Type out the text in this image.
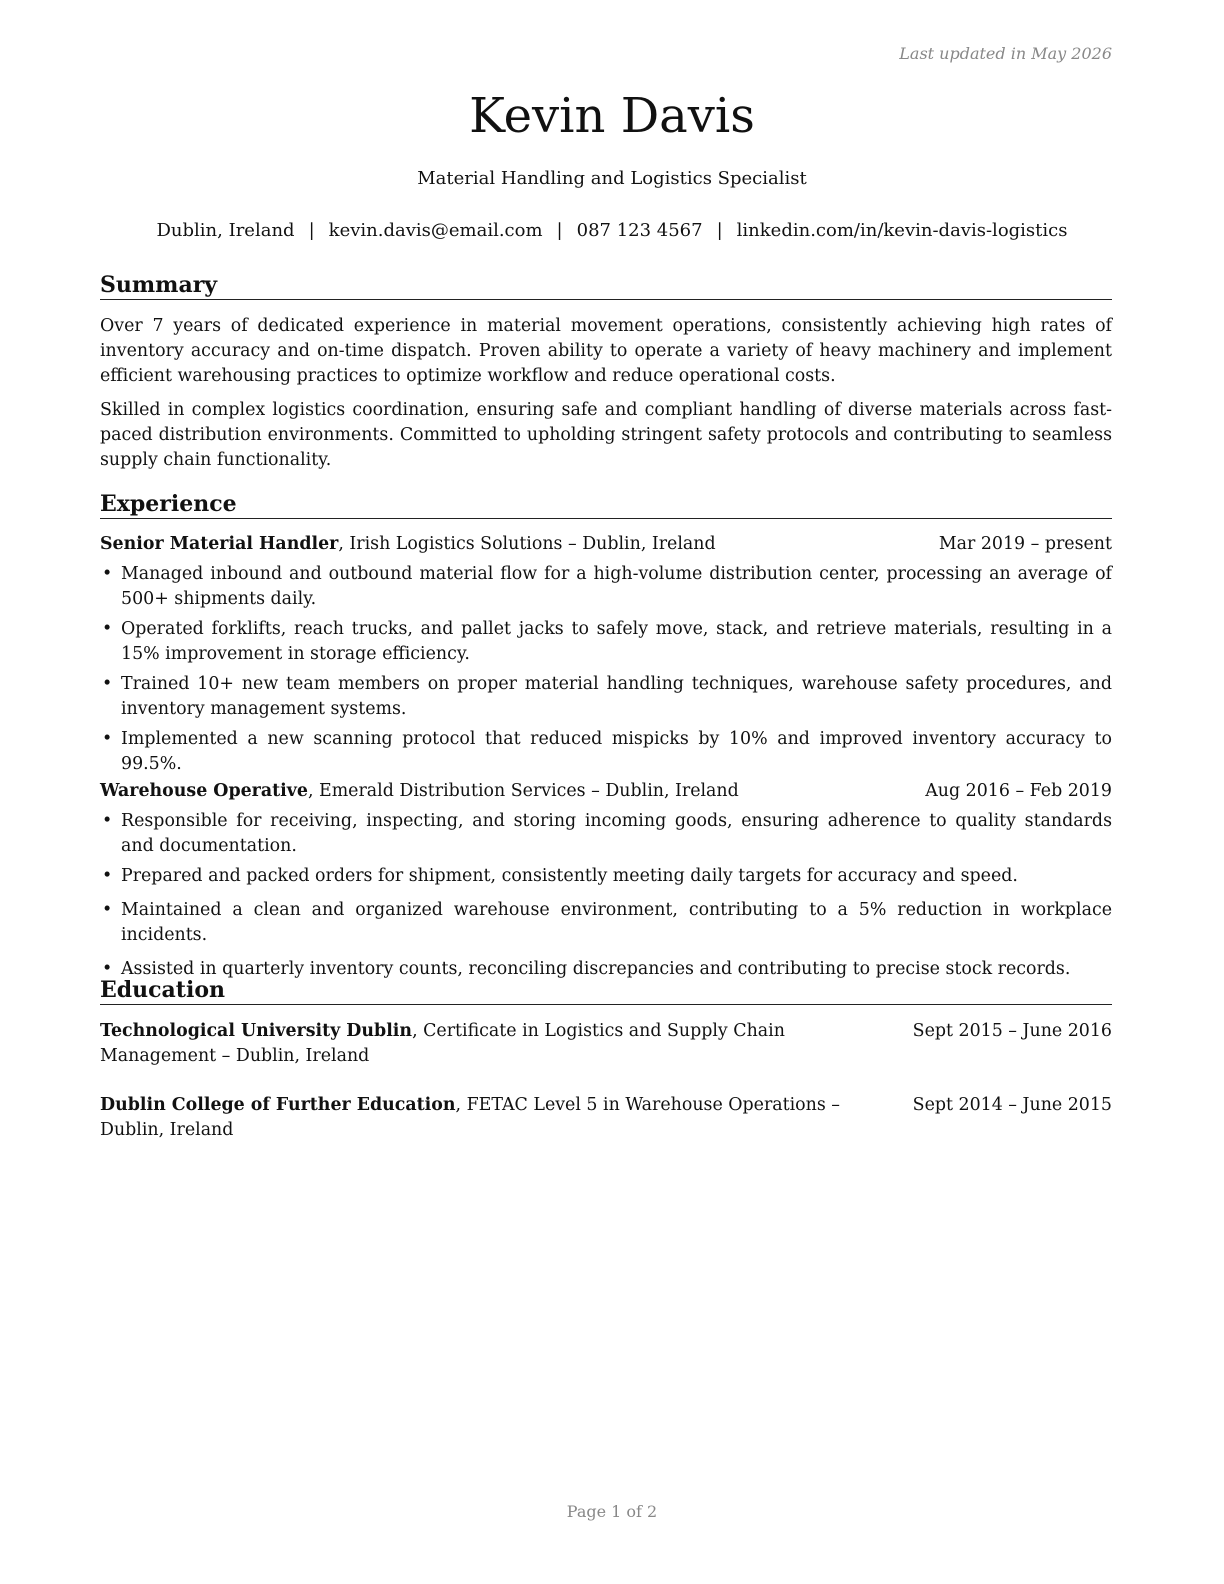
Last updated in May 2026
Kevin Davis
Material Handling and Logistics Specialist
Dublin, Ireland | kevin.davis@email.com | 087 123 4567 | linkedin.com/in/kevin-davis-logistics
Summary

Over 7 years of dedicated experience in material movement operations, consistently achieving high rates of inventory accuracy and on-time dispatch. Proven ability to operate a variety of heavy machinery and implement efficient warehousing practices to optimize workflow and reduce operational costs.

Skilled in complex logistics coordination, ensuring safe and compliant handling of diverse materials across fast-paced distribution environments. Committed to upholding stringent safety protocols and contributing to seamless supply chain functionality.

Experience
Senior Material Handler, Irish Logistics Solutions – Dublin, Ireland	Mar 2019 – present
• Managed inbound and outbound material flow for a high-volume distribution center, processing an average of 500+ shipments daily.
• Operated forklifts, reach trucks, and pallet jacks to safely move, stack, and retrieve materials, resulting in a 15% improvement in storage efficiency.
• Trained 10+ new team members on proper material handling techniques, warehouse safety procedures, and inventory management systems.
• Implemented a new scanning protocol that reduced mispicks by 10% and improved inventory accuracy to 99.5%.
Warehouse Operative, Emerald Distribution Services – Dublin, Ireland	Aug 2016 – Feb 2019
• Responsible for receiving, inspecting, and storing incoming goods, ensuring adherence to quality standards and documentation.
• Prepared and packed orders for shipment, consistently meeting daily targets for accuracy and speed.
• Maintained a clean and organized warehouse environment, contributing to a 5% reduction in workplace incidents.
• Assisted in quarterly inventory counts, reconciling discrepancies and contributing to precise stock records.
Education
Technological University Dublin, Certificate in Logistics and Supply Chain Management – Dublin, Ireland
Sept 2015 – June 2016
Dublin College of Further Education, FETAC Level 5 in Warehouse Operations – Dublin, Ireland
Sept 2014 – June 2015
Page 1 of 2
